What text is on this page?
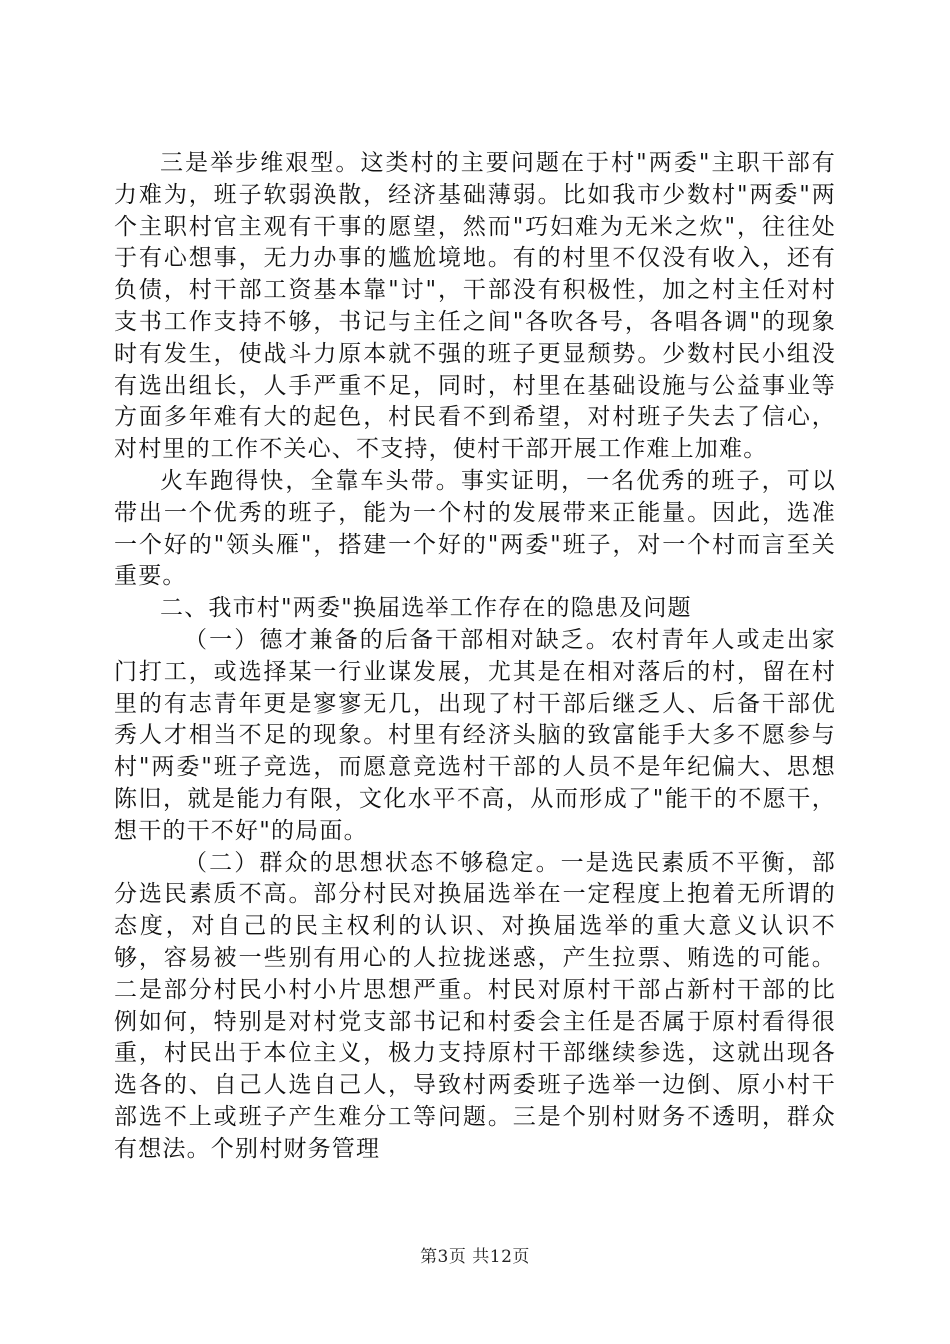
三是举步维艰型。这类村的主要问题在于村"两委"主职干部有力难为，班子软弱涣散，经济基础薄弱。比如我市少数村"两委"两个主职村官主观有干事的愿望，然而"巧妇难为无米之炊"，往往处于有心想事，无力办事的尴尬境地。有的村里不仅没有收入，还有负债，村干部工资基本靠"讨"，干部没有积极性，加之村主任对村支书工作支持不够，书记与主任之间"各吹各号，各唱各调"的现象时有发生，使战斗力原本就不强的班子更显颓势。少数村民小组没有选出组长，人手严重不足，同时，村里在基础设施与公益事业等方面多年难有大的起色，村民看不到希望，对村班子失去了信心，对村里的工作不关心、不支持，使村干部开展工作难上加难。

火车跑得快，全靠车头带。事实证明，一名优秀的班子，可以带出一个优秀的班子，能为一个村的发展带来正能量。因此，选准一个好的"领头雁"，搭建一个好的"两委"班子，对一个村而言至关重要。

二、我市村"两委"换届选举工作存在的隐患及问题

（一）德才兼备的后备干部相对缺乏。农村青年人或走出家门打工，或选择某一行业谋发展，尤其是在相对落后的村，留在村里的有志青年更是寥寥无几，出现了村干部后继乏人、后备干部优秀人才相当不足的现象。村里有经济头脑的致富能手大多不愿参与村"两委"班子竞选，而愿意竞选村干部的人员不是年纪偏大、思想陈旧，就是能力有限，文化水平不高，从而形成了"能干的不愿干，想干的干不好"的局面。

（二）群众的思想状态不够稳定。一是选民素质不平衡，部分选民素质不高。部分村民对换届选举在一定程度上抱着无所谓的态度，对自己的民主权利的认识、对换届选举的重大意义认识不够，容易被一些别有用心的人拉拢迷惑，产生拉票、贿选的可能。二是部分村民小村小片思想严重。村民对原村干部占新村干部的比例如何，特别是对村党支部书记和村委会主任是否属于原村看得很重，村民出于本位主义，极力支持原村干部继续参选，这就出现各选各的、自己人选自己人，导致村两委班子选举一边倒、原小村干部选不上或班子产生难分工等问题。三是个别村财务不透明，群众有想法。个别村财务管理

第3页 共12页
